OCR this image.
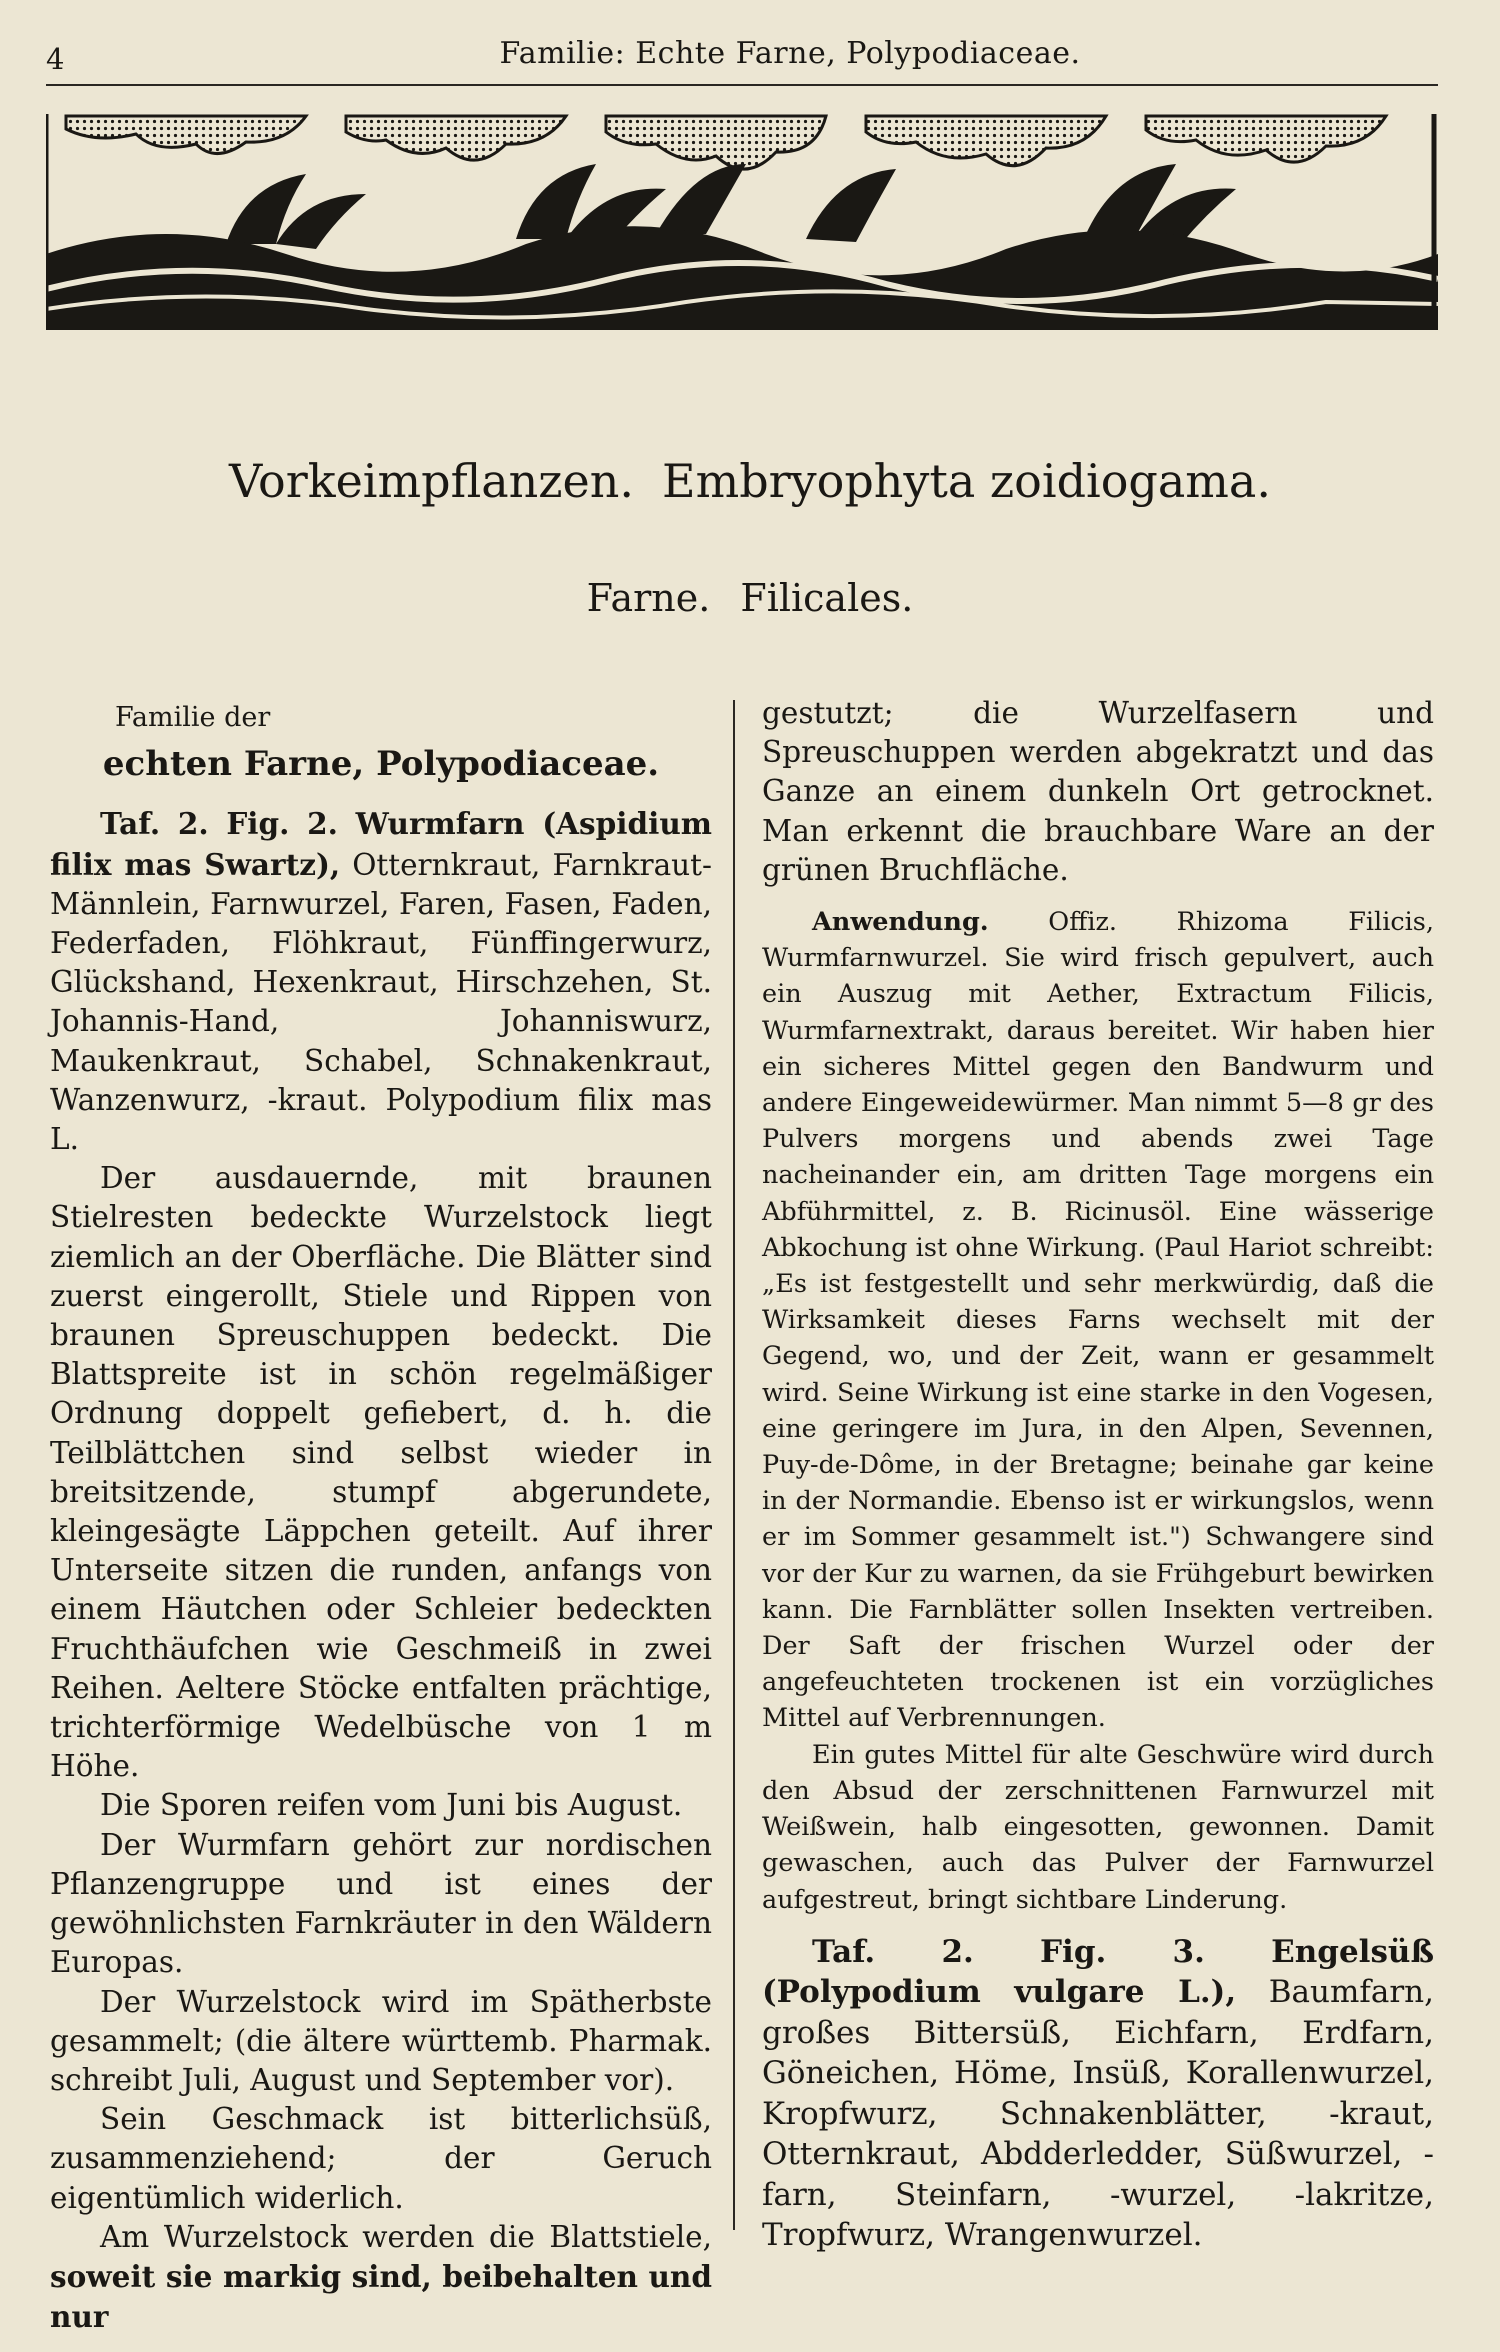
4	Familie: Echte Farne, Polypodiaceae.
Vorkeimpflanzen. Embryophyta zoidiogama.
Farne. Filicales.

Familie der

echten Farne, Polypodiaceae.

Taf. 2. Fig. 2. Wurmfarn (Aspidium filix mas Swartz), Otternkraut, Farnkraut-Männlein, Farnwurzel, Faren, Fasen, Faden, Federfaden, Flöhkraut, Fünffingerwurz, Glückshand, Hexenkraut, Hirschzehen, St. Johannis-Hand, Johanniswurz, Maukenkraut, Schabel, Schnakenkraut, Wanzenwurz, -kraut. Polypodium filix mas L.

Der ausdauernde, mit braunen Stielresten bedeckte Wurzelstock liegt ziemlich an der Oberfläche. Die Blätter sind zuerst eingerollt, Stiele und Rippen von braunen Spreuschuppen bedeckt. Die Blattspreite ist in schön regelmäßiger Ordnung doppelt gefiebert, d. h. die Teilblättchen sind selbst wieder in breitsitzende, stumpf abgerundete, kleingesägte Läppchen geteilt. Auf ihrer Unterseite sitzen die runden, anfangs von einem Häutchen oder Schleier bedeckten Fruchthäufchen wie Geschmeiß in zwei Reihen. Aeltere Stöcke entfalten prächtige, trichterförmige Wedelbüsche von 1 m Höhe.

Die Sporen reifen vom Juni bis August.

Der Wurmfarn gehört zur nordischen Pflanzengruppe und ist eines der gewöhnlichsten Farnkräuter in den Wäldern Europas.

Der Wurzelstock wird im Spätherbste gesammelt; (die ältere württemb. Pharmak. schreibt Juli, August und September vor).

Sein Geschmack ist bitterlichsüß, zusammenziehend; der Geruch eigentümlich widerlich.

Am Wurzelstock werden die Blattstiele, soweit sie markig sind, beibehalten und nur

gestutzt; die Wurzelfasern und Spreuschuppen werden abgekratzt und das Ganze an einem dunkeln Ort getrocknet. Man erkennt die brauchbare Ware an der grünen Bruchfläche.

Anwendung. Offiz. Rhizoma Filicis, Wurmfarnwurzel. Sie wird frisch gepulvert, auch ein Auszug mit Aether, Extractum Filicis, Wurmfarnextrakt, daraus bereitet. Wir haben hier ein sicheres Mittel gegen den Bandwurm und andere Eingeweidewürmer. Man nimmt 5—8 gr des Pulvers morgens und abends zwei Tage nacheinander ein, am dritten Tage morgens ein Abführmittel, z. B. Ricinusöl. Eine wässerige Abkochung ist ohne Wirkung. (Paul Hariot schreibt: „Es ist festgestellt und sehr merkwürdig, daß die Wirksamkeit dieses Farns wechselt mit der Gegend, wo, und der Zeit, wann er gesammelt wird. Seine Wirkung ist eine starke in den Vogesen, eine geringere im Jura, in den Alpen, Sevennen, Puy-de-Dôme, in der Bretagne; beinahe gar keine in der Normandie. Ebenso ist er wirkungslos, wenn er im Sommer gesammelt ist.") Schwangere sind vor der Kur zu warnen, da sie Frühgeburt bewirken kann. Die Farnblätter sollen Insekten vertreiben. Der Saft der frischen Wurzel oder der angefeuchteten trockenen ist ein vorzügliches Mittel auf Verbrennungen.

Ein gutes Mittel für alte Geschwüre wird durch den Absud der zerschnittenen Farnwurzel mit Weißwein, halb eingesotten, gewonnen. Damit gewaschen, auch das Pulver der Farnwurzel aufgestreut, bringt sichtbare Linderung.

Taf. 2. Fig. 3. Engelsüß (Polypodium vulgare L.), Baumfarn, großes Bittersüß, Eichfarn, Erdfarn, Göneichen, Höme, Insüß, Korallenwurzel, Kropfwurz, Schnakenblätter, -kraut, Otternkraut, Abdderledder, Süßwurzel, -farn, Steinfarn, -wurzel, -lakritze, Tropfwurz, Wrangenwurzel.
